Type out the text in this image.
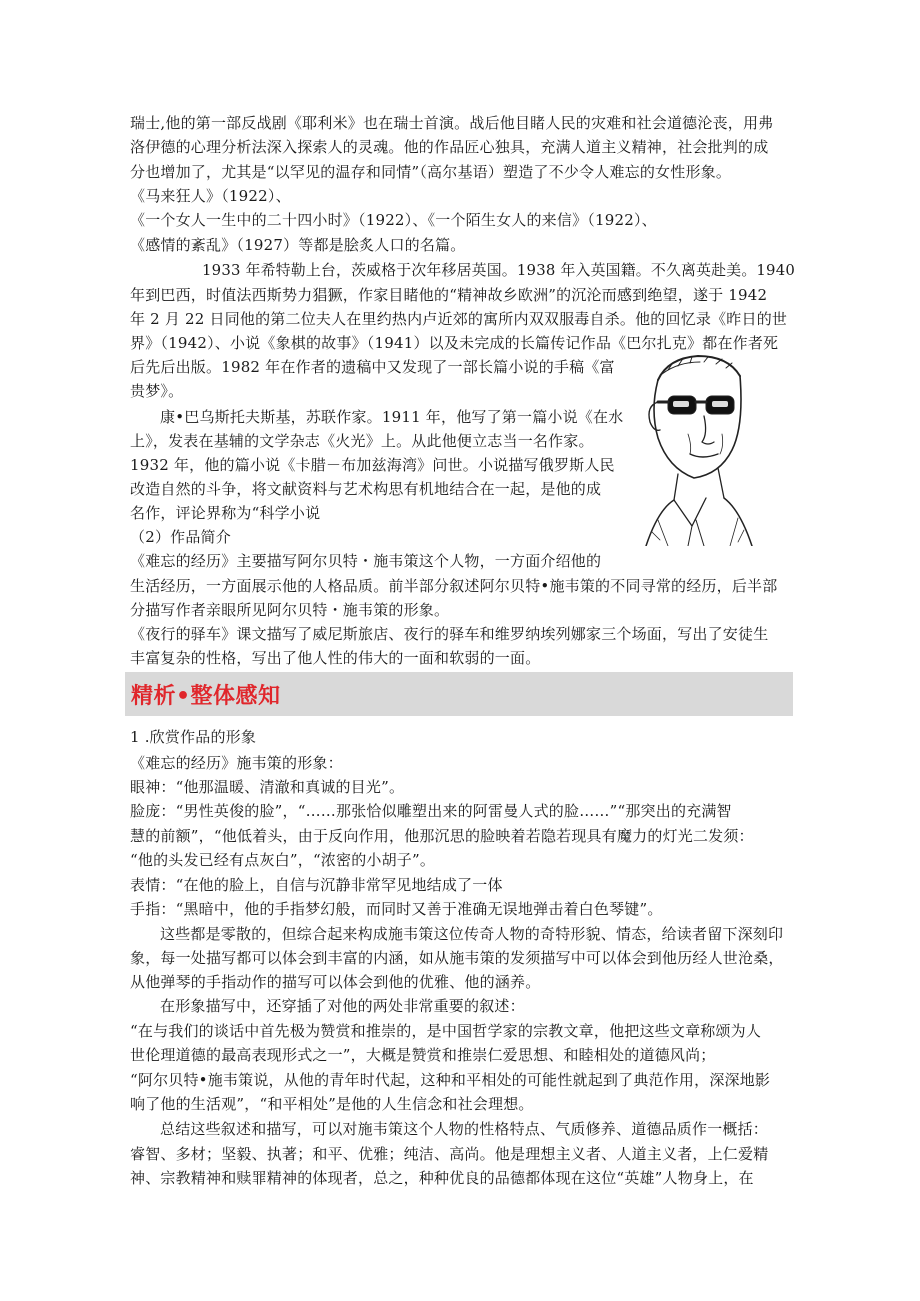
瑞士,他的第一部反战剧《耶利米》也在瑞士首演。战后他目睹人民的灾难和社会道德沦丧，用弗
洛伊德的心理分析法深入探索人的灵魂。他的作品匠心独具，充满人道主义精神，社会批判的成
分也增加了，尤其是“以罕见的温存和同情”（高尔基语）塑造了不少令人难忘的女性形象。
《马来狂人》（1922）、
《一个女人一生中的二十四小时》（1922）、《一个陌生女人的来信》（1922）、
《感情的紊乱》（1927）等都是脍炙人口的名篇。
1933 年希特勒上台，茨威格于次年移居英国。1938 年入英国籍。不久离英赴美。1940
年到巴西，时值法西斯势力猖獗，作家目睹他的“精神故乡欧洲”的沉沦而感到绝望，遂于 1942
年 2 月 22 日同他的第二位夫人在里约热内卢近郊的寓所内双双服毒自杀。他的回忆录《昨日的世
界》（1942）、小说《象棋的故事》（1941）以及未完成的长篇传记作品《巴尔扎克》都在作者死
后先后出版。1982 年在作者的遗稿中又发现了一部长篇小说的手稿《富
贵梦》。
康•巴乌斯托夫斯基，苏联作家。1911 年，他写了第一篇小说《在水
上》，发表在基辅的文学杂志《火光》上。从此他便立志当一名作家。
1932 年，他的篇小说《卡腊－布加兹海湾》问世。小说描写俄罗斯人民
改造自然的斗争，将文献资料与艺术构思有机地结合在一起，是他的成
名作，评论界称为“科学小说
（2）作品简介
《难忘的经历》主要描写阿尔贝特・施韦策这个人物，一方面介绍他的
生活经历，一方面展示他的人格品质。前半部分叙述阿尔贝特•施韦策的不同寻常的经历，后半部
分描写作者亲眼所见阿尔贝特・施韦策的形象。
《夜行的驿车》课文描写了威尼斯旅店、夜行的驿车和维罗纳埃列娜家三个场面，写出了安徒生
丰富复杂的性格，写出了他人性的伟大的一面和软弱的一面。
精析•整体感知
1 .欣赏作品的形象
《难忘的经历》施韦策的形象：
眼神：“他那温暖、清澈和真诚的目光”。
脸庞：“男性英俊的脸”，“……那张恰似雕塑出来的阿雷曼人式的脸……”“那突出的充满智
慧的前额”，“他低着头，由于反向作用，他那沉思的脸映着若隐若现具有魔力的灯光二发须：
“他的头发已经有点灰白”，“浓密的小胡子”。
表情：“在他的脸上，自信与沉静非常罕见地结成了一体
手指：“黑暗中，他的手指梦幻般，而同时又善于准确无误地弹击着白色琴键”。
这些都是零散的，但综合起来构成施韦策这位传奇人物的奇特形貌、情态，给读者留下深刻印
象，每一处描写都可以体会到丰富的内涵，如从施韦策的发须描写中可以体会到他历经人世沧桑，
从他弹琴的手指动作的描写可以体会到他的优雅、他的涵养。
在形象描写中，还穿插了对他的两处非常重要的叙述：
“在与我们的谈话中首先极为赞赏和推崇的，是中国哲学家的宗教文章，他把这些文章称颂为人
世伦理道德的最高表现形式之一”，大概是赞赏和推崇仁爱思想、和睦相处的道德风尚；
“阿尔贝特•施韦策说，从他的青年时代起，这种和平相处的可能性就起到了典范作用，深深地影
响了他的生活观”，“和平相处”是他的人生信念和社会理想。
总结这些叙述和描写，可以对施韦策这个人物的性格特点、气质修养、道德品质作一概括：
睿智、多材；坚毅、执著；和平、优雅；纯洁、高尚。他是理想主义者、人道主义者，上仁爱精
神、宗教精神和赎罪精神的体现者，总之，种种优良的品德都体现在这位“英雄”人物身上，在
